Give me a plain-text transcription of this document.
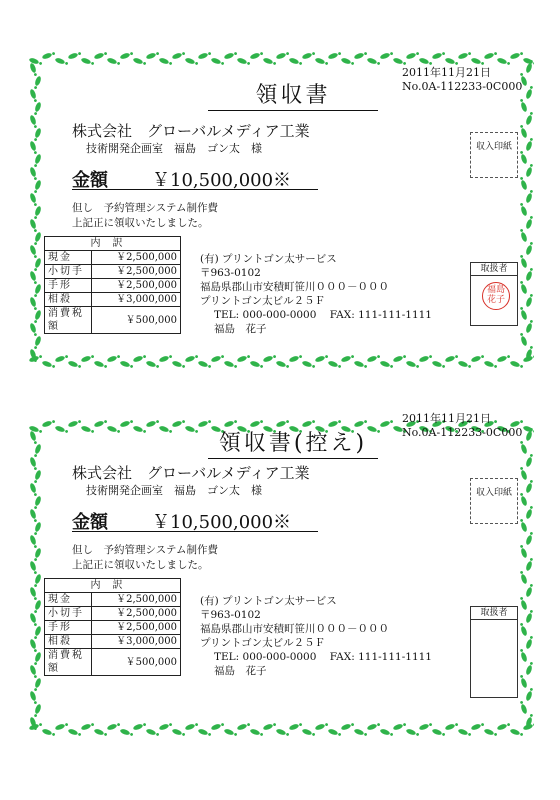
2011年11月21日
No.0A-112233-0C000
領収書
株式会社　グローバルメディア工業
技術開発企画室　福島　ゴン太　様	収入印紙
金額 ￥10,500,000※
但し　予約管理システム制作費
上記正に領収いたしました。
内訳	
現金	￥2,500,000
小切手	￥2,500,000
手形	￥2,500,000
相殺	￥3,000,000
消費税額	￥500,000
(有) プリントゴン太サービス
〒963-0102
福島県郡山市安積町笹川０００－０００
プリントゴン太ビル２５Ｆ
TEL: 000-000-0000 FAX: 111-111-1111
福島　花子
取扱者
福島花子
2011年11月21日
No.0A-112233-0C000
領収書(控え)
株式会社　グローバルメディア工業
技術開発企画室　福島　ゴン太　様	収入印紙
金額 ￥10,500,000※
但し　予約管理システム制作費
上記正に領収いたしました。
内訳	
現金	￥2,500,000
小切手	￥2,500,000
手形	￥2,500,000
相殺	￥3,000,000
消費税額	￥500,000
(有) プリントゴン太サービス
〒963-0102
福島県郡山市安積町笹川０００－０００
プリントゴン太ビル２５Ｆ
TEL: 000-000-0000 FAX: 111-111-1111
福島　花子
取扱者
